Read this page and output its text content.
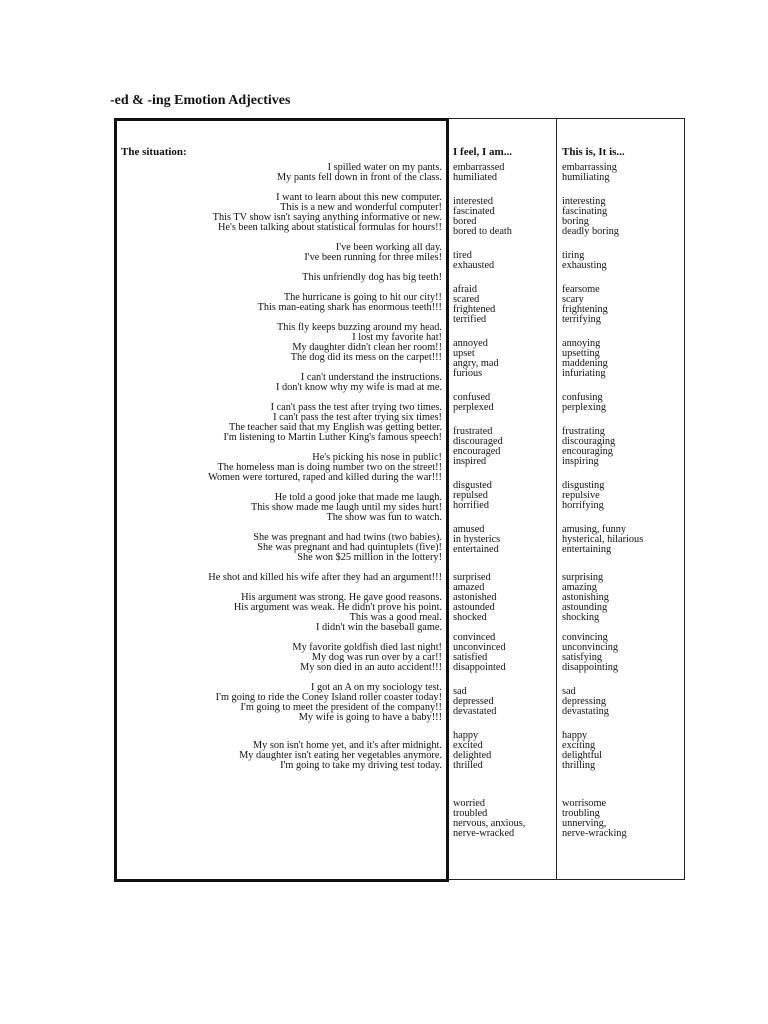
-ed & -ing Emotion Adjectives
The situation:	I feel, I am...	This is, It is...
I spilled water on my pants.
My pants fell down in front of the class.
I want to learn about this new computer.
This is a new and wonderful computer!
This TV show isn't saying anything informative or new.
He's been talking about statistical formulas for hours!!
I've been working all day.
I've been running for three miles!
This unfriendly dog has big teeth!
The hurricane is going to hit our city!!
This man-eating shark has enormous teeth!!!
This fly keeps buzzing around my head.
I lost my favorite hat!
My daughter didn't clean her room!!
The dog did its mess on the carpet!!!
I can't understand the instructions.
I don't know why my wife is mad at me.
I can't pass the test after trying two times.
I can't pass the test after trying six times!
The teacher said that my English was getting better.
I'm listening to Martin Luther King's famous speech!
He's picking his nose in public!
The homeless man is doing number two on the street!!
Women were tortured, raped and killed during the war!!!
He told a good joke that made me laugh.
This show made me laugh until my sides hurt!
The show was fun to watch.
She was pregnant and had twins (two babies).
She was pregnant and had quintuplets (five)!
She won $25 million in the lottery!
He shot and killed his wife after they had an argument!!!
His argument was strong. He gave good reasons.
His argument was weak. He didn't prove his point.
This was a good meal.
I didn't win the baseball game.
My favorite goldfish died last night!
My dog was run over by a car!!
My son died in an auto accident!!!
I got an A on my sociology test.
I'm going to ride the Coney Island roller coaster today!
I'm going to meet the president of the company!!
My wife is going to have a baby!!!
My son isn't home yet, and it's after midnight.
My daughter isn't eating her vegetables anymore.
I'm going to take my driving test today.
embarrassed
humiliated
interested
fascinated
bored
bored to death
tired
exhausted
afraid
scared
frightened
terrified
annoyed
upset
angry, mad
furious
confused
perplexed
frustrated
discouraged
encouraged
inspired
disgusted
repulsed
horrified
amused
in hysterics
entertained
surprised
amazed
astonished
astounded
shocked
convinced
unconvinced
satisfied
disappointed
sad
depressed
devastated
happy
excited
delighted
thrilled
worried
troubled
nervous, anxious,
nerve-wracked
embarrassing
humiliating
interesting
fascinating
boring
deadly boring
tiring
exhausting
fearsome
scary
frightening
terrifying
annoying
upsetting
maddening
infuriating
confusing
perplexing
frustrating
discouraging
encouraging
inspiring
disgusting
repulsive
horrifying
amusing, funny
hysterical, hilarious
entertaining
surprising
amazing
astonishing
astounding
shocking
convincing
unconvincing
satisfying
disappointing
sad
depressing
devastating
happy
exciting
delightful
thrilling
worrisome
troubling
unnerving,
nerve-wracking
